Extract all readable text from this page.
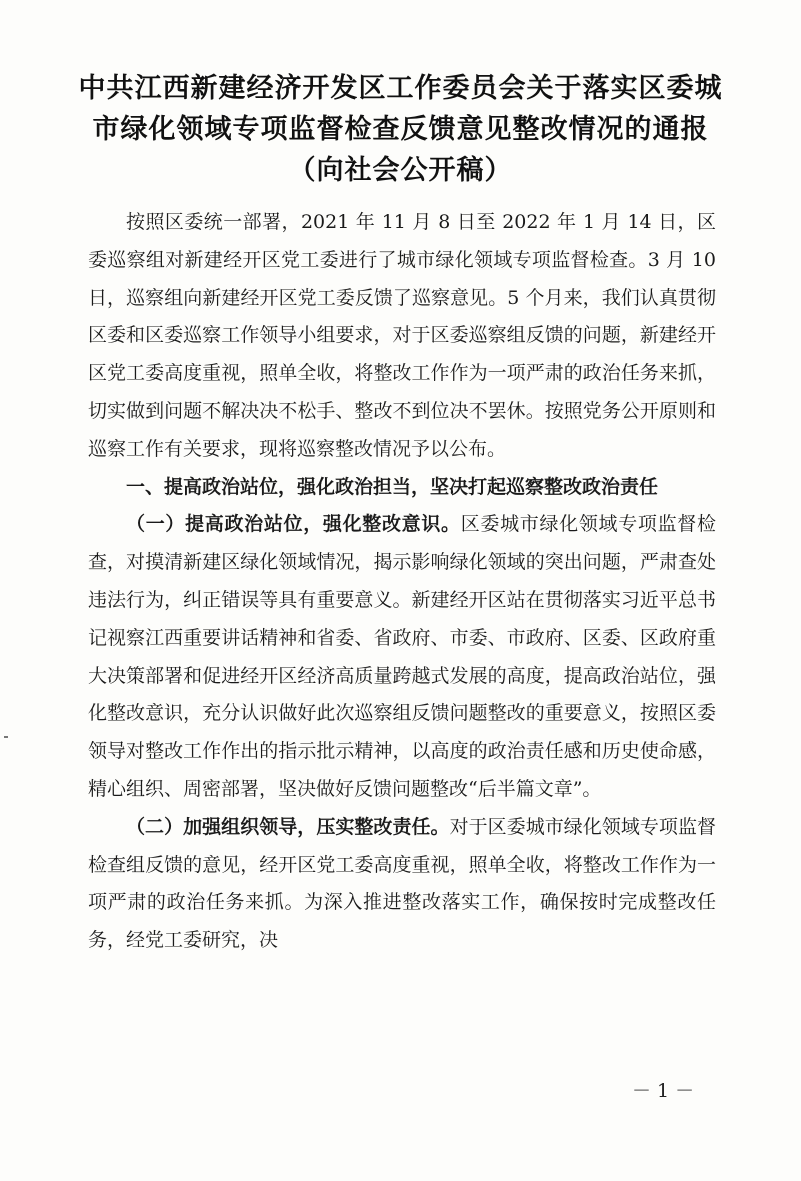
中共江西新建经济开发区工作委员会关于落实区委城市绿化领域专项监督检查反馈意见整改情况的通报（向社会公开稿）

按照区委统一部署，2021 年 11 月 8 日至 2022 年 1 月 14 日，区委巡察组对新建经开区党工委进行了城市绿化领域专项监督检查。3 月 10 日，巡察组向新建经开区党工委反馈了巡察意见。5 个月来，我们认真贯彻区委和区委巡察工作领导小组要求，对于区委巡察组反馈的问题，新建经开区党工委高度重视，照单全收，将整改工作作为一项严肃的政治任务来抓，切实做到问题不解决决不松手、整改不到位决不罢休。按照党务公开原则和巡察工作有关要求，现将巡察整改情况予以公布。

一、提高政治站位，强化政治担当，坚决打起巡察整改政治责任

（一）提高政治站位，强化整改意识。区委城市绿化领域专项监督检查，对摸清新建区绿化领域情况，揭示影响绿化领域的突出问题，严肃查处违法行为，纠正错误等具有重要意义。新建经开区站在贯彻落实习近平总书记视察江西重要讲话精神和省委、省政府、市委、市政府、区委、区政府重大决策部署和促进经开区经济高质量跨越式发展的高度，提高政治站位，强化整改意识，充分认识做好此次巡察组反馈问题整改的重要意义，按照区委领导对整改工作作出的指示批示精神，以高度的政治责任感和历史使命感，精心组织、周密部署，坚决做好反馈问题整改“后半篇文章”。

（二）加强组织领导，压实整改责任。对于区委城市绿化领域专项监督检查组反馈的意见，经开区党工委高度重视，照单全收，将整改工作作为一项严肃的政治任务来抓。为深入推进整改落实工作，确保按时完成整改任务，经党工委研究，决

－ 1 －
